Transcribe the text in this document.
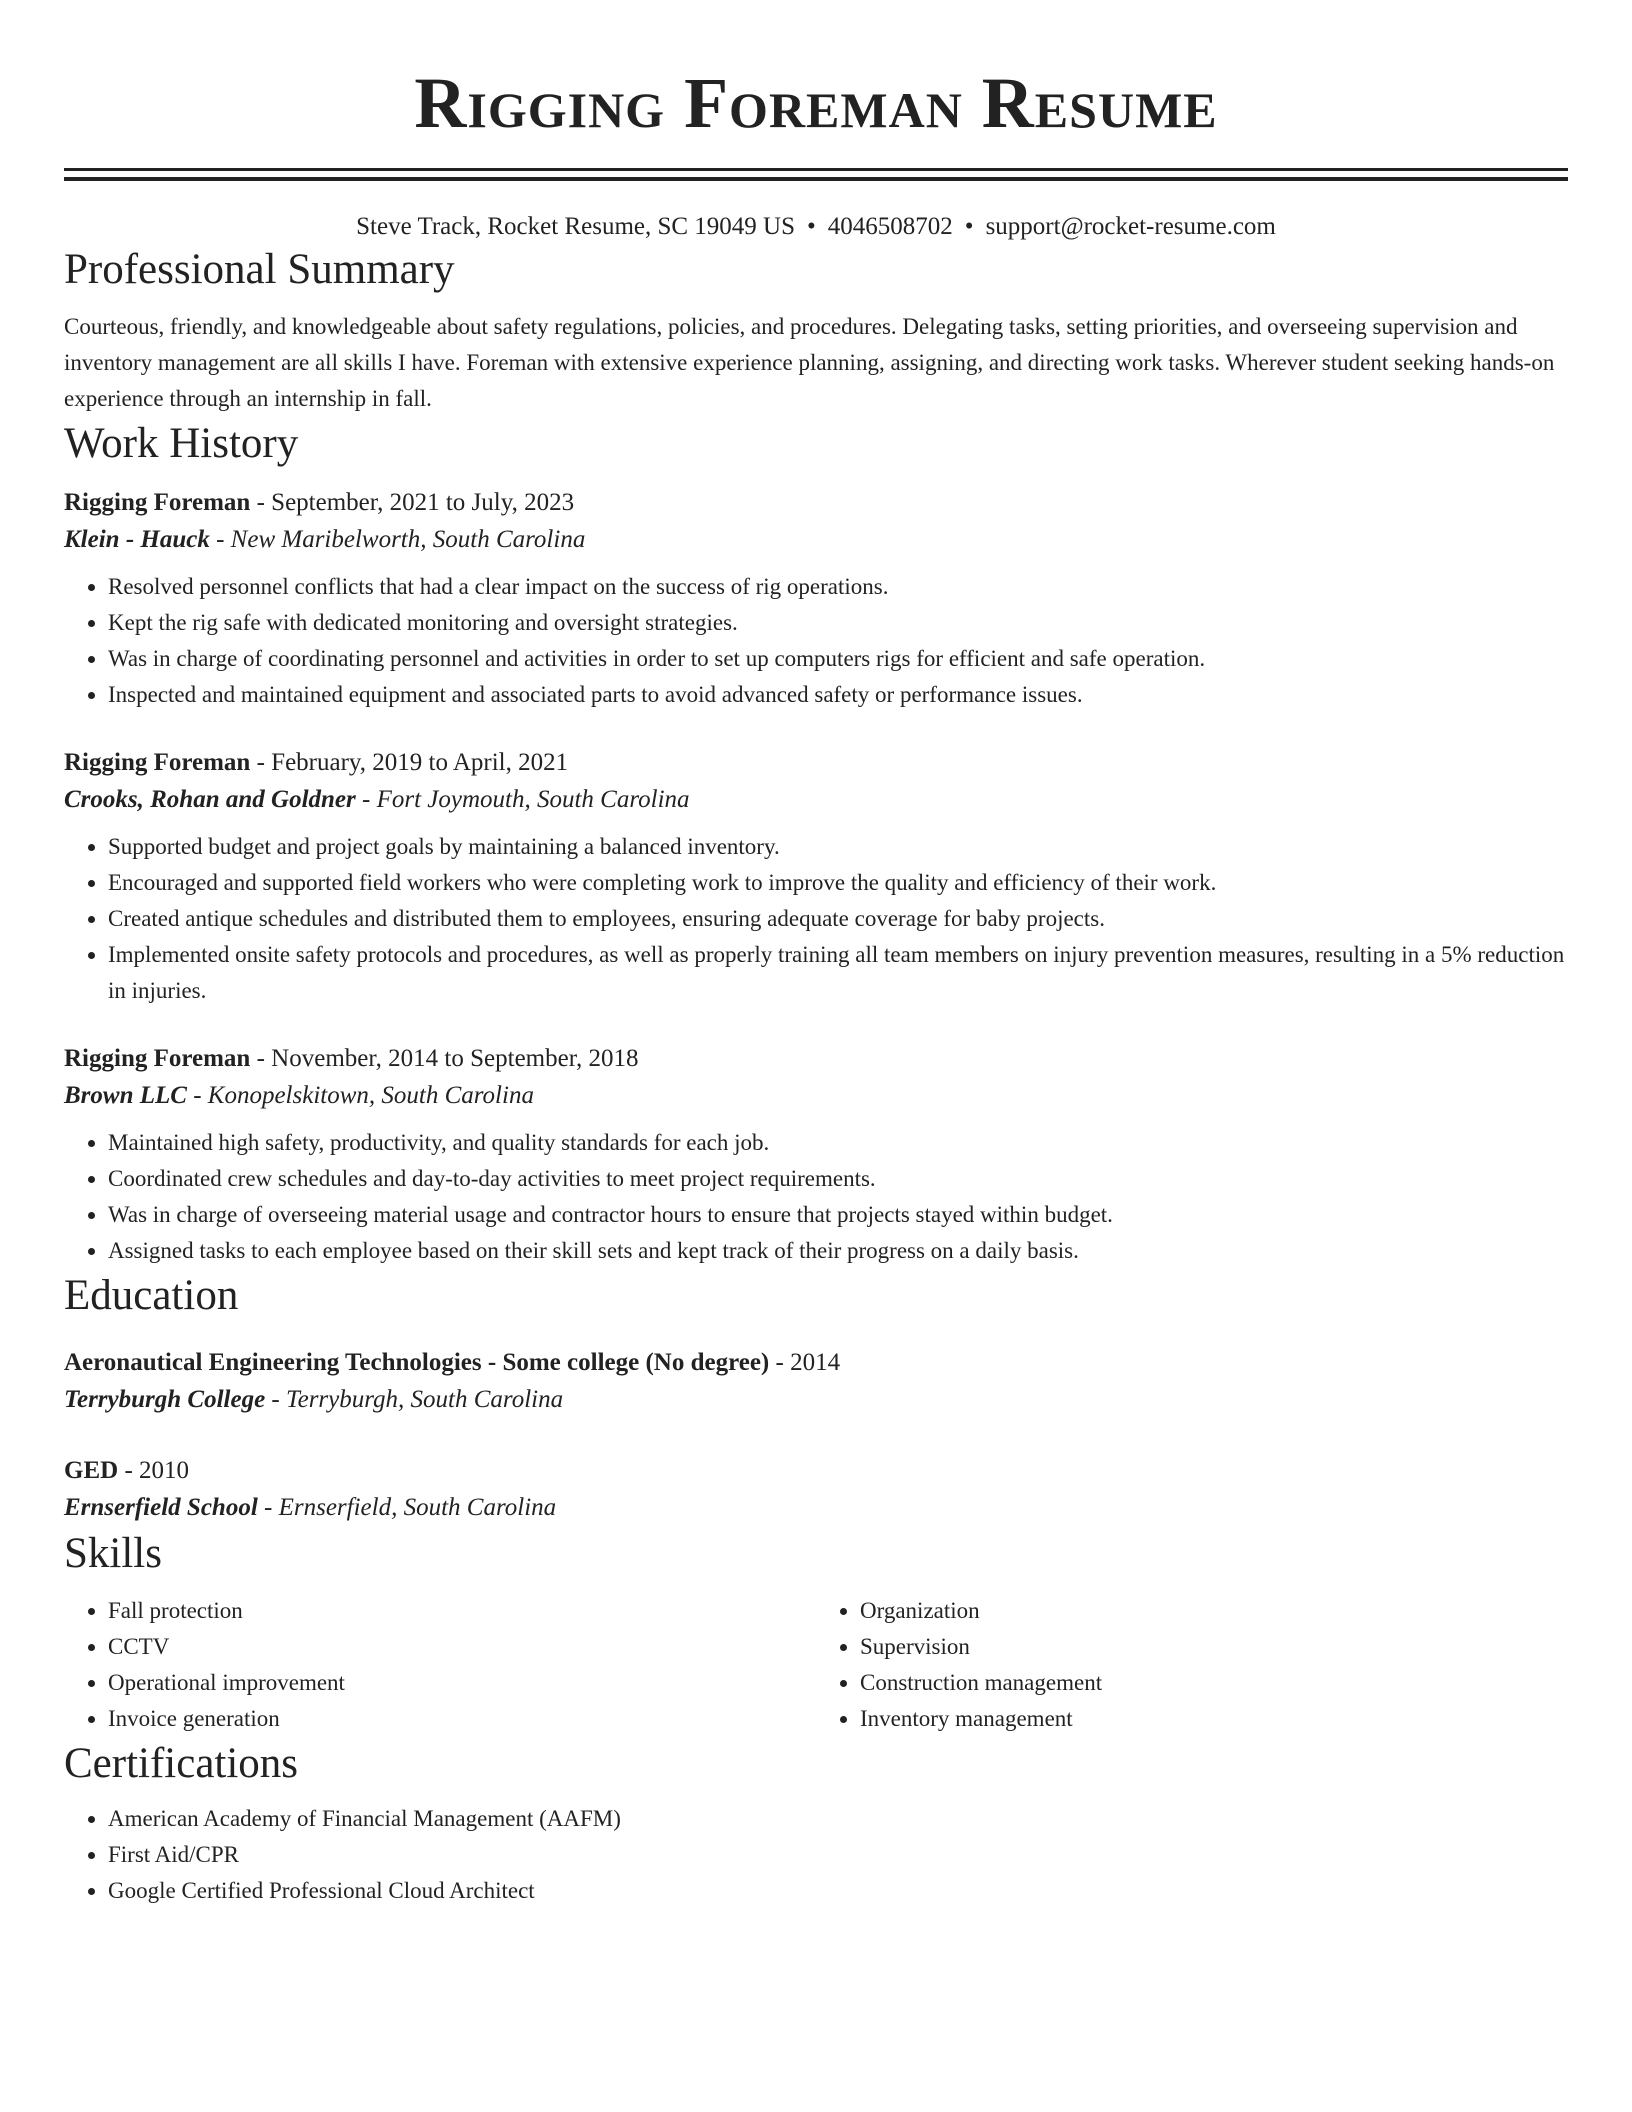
Rigging Foreman Resume
Steve Track, Rocket Resume, SC 19049 US • 4046508702 • support@rocket-resume.com
Professional Summary
Courteous, friendly, and knowledgeable about safety regulations, policies, and procedures. Delegating tasks, setting priorities, and overseeing supervision and inventory management are all skills I have. Foreman with extensive experience planning, assigning, and directing work tasks. Wherever student seeking hands-on experience through an internship in fall.
Work History

Rigging Foreman - September, 2021 to July, 2023

Klein - Hauck - New Maribelworth, South Carolina

• Resolved personnel conflicts that had a clear impact on the success of rig operations.
• Kept the rig safe with dedicated monitoring and oversight strategies.
• Was in charge of coordinating personnel and activities in order to set up computers rigs for efficient and safe operation.
• Inspected and maintained equipment and associated parts to avoid advanced safety or performance issues.

Rigging Foreman - February, 2019 to April, 2021

Crooks, Rohan and Goldner - Fort Joymouth, South Carolina

• Supported budget and project goals by maintaining a balanced inventory.
• Encouraged and supported field workers who were completing work to improve the quality and efficiency of their work.
• Created antique schedules and distributed them to employees, ensuring adequate coverage for baby projects.
• Implemented onsite safety protocols and procedures, as well as properly training all team members on injury prevention measures, resulting in a 5% reduction in injuries.

Rigging Foreman - November, 2014 to September, 2018

Brown LLC - Konopelskitown, South Carolina

• Maintained high safety, productivity, and quality standards for each job.
• Coordinated crew schedules and day-to-day activities to meet project requirements.
• Was in charge of overseeing material usage and contractor hours to ensure that projects stayed within budget.
• Assigned tasks to each employee based on their skill sets and kept track of their progress on a daily basis.
Education

Aeronautical Engineering Technologies - Some college (No degree) - 2014

Terryburgh College - Terryburgh, South Carolina

GED - 2010

Ernserfield School - Ernserfield, South Carolina

Skills
• Fall protection
• CCTV
• Operational improvement
• Invoice generation
• Organization
• Supervision
• Construction management
• Inventory management
Certifications
• American Academy of Financial Management (AAFM)
• First Aid/CPR
• Google Certified Professional Cloud Architect
